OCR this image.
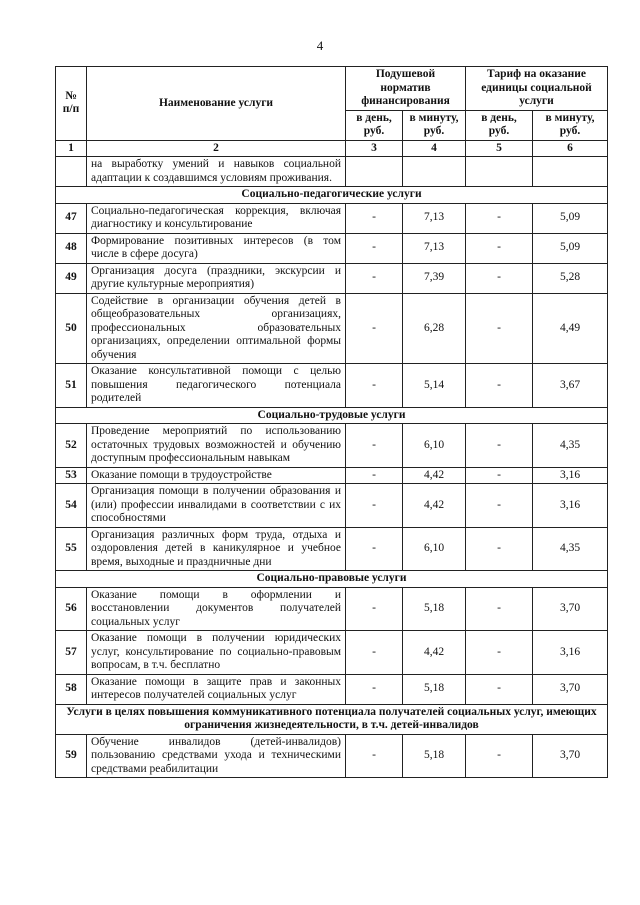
4
№ п/п	Наименование услуги	Подушевой норматив финансирования		Тариф на оказание единицы социальной услуги	
		в день, руб.	в минуту, руб.	в день, руб.	в минуту, руб.
1	2	3	4	5	6
	на выработку умений и навыков социальной адаптации к создавшимся условиям проживания.				
Социально-педагогические услуги					
47	Социально-педагогическая коррекция, включая диагностику и консультирование	-	7,13	-	5,09
48	Формирование позитивных интересов (в том числе в сфере досуга)	-	7,13	-	5,09
49	Организация досуга (праздники, экскурсии и другие культурные мероприятия)	-	7,39	-	5,28
50	Содействие в организации обучения детей в общеобразовательных организациях, профессиональных образовательных организациях, определении оптимальной формы обучения	-	6,28	-	4,49
51	Оказание консультативной помощи с целью повышения педагогического потенциала родителей	-	5,14	-	3,67
Социально-трудовые услуги					
52	Проведение мероприятий по использованию остаточных трудовых возможностей и обучению доступным профессиональным навыкам	-	6,10	-	4,35
53	Оказание помощи в трудоустройстве	-	4,42	-	3,16
54	Организация помощи в получении образования и (или) профессии инвалидами в соответствии с их способностями	-	4,42	-	3,16
55	Организация различных форм труда, отдыха и оздоровления детей в каникулярное и учебное время, выходные и праздничные дни	-	6,10	-	4,35
Социально-правовые услуги					
56	Оказание помощи в оформлении и восстановлении документов получателей социальных услуг	-	5,18	-	3,70
57	Оказание помощи в получении юридических услуг, консультирование по социально-правовым вопросам, в т.ч. бесплатно	-	4,42	-	3,16
58	Оказание помощи в защите прав и законных интересов получателей социальных услуг	-	5,18	-	3,70
Услуги в целях повышения коммуникативного потенциала получателей социальных услуг, имеющих ограничения жизнедеятельности, в т.ч. детей-инвалидов					
59	Обучение инвалидов (детей-инвалидов) пользованию средствами ухода и техническими средствами реабилитации	-	5,18	-	3,70
